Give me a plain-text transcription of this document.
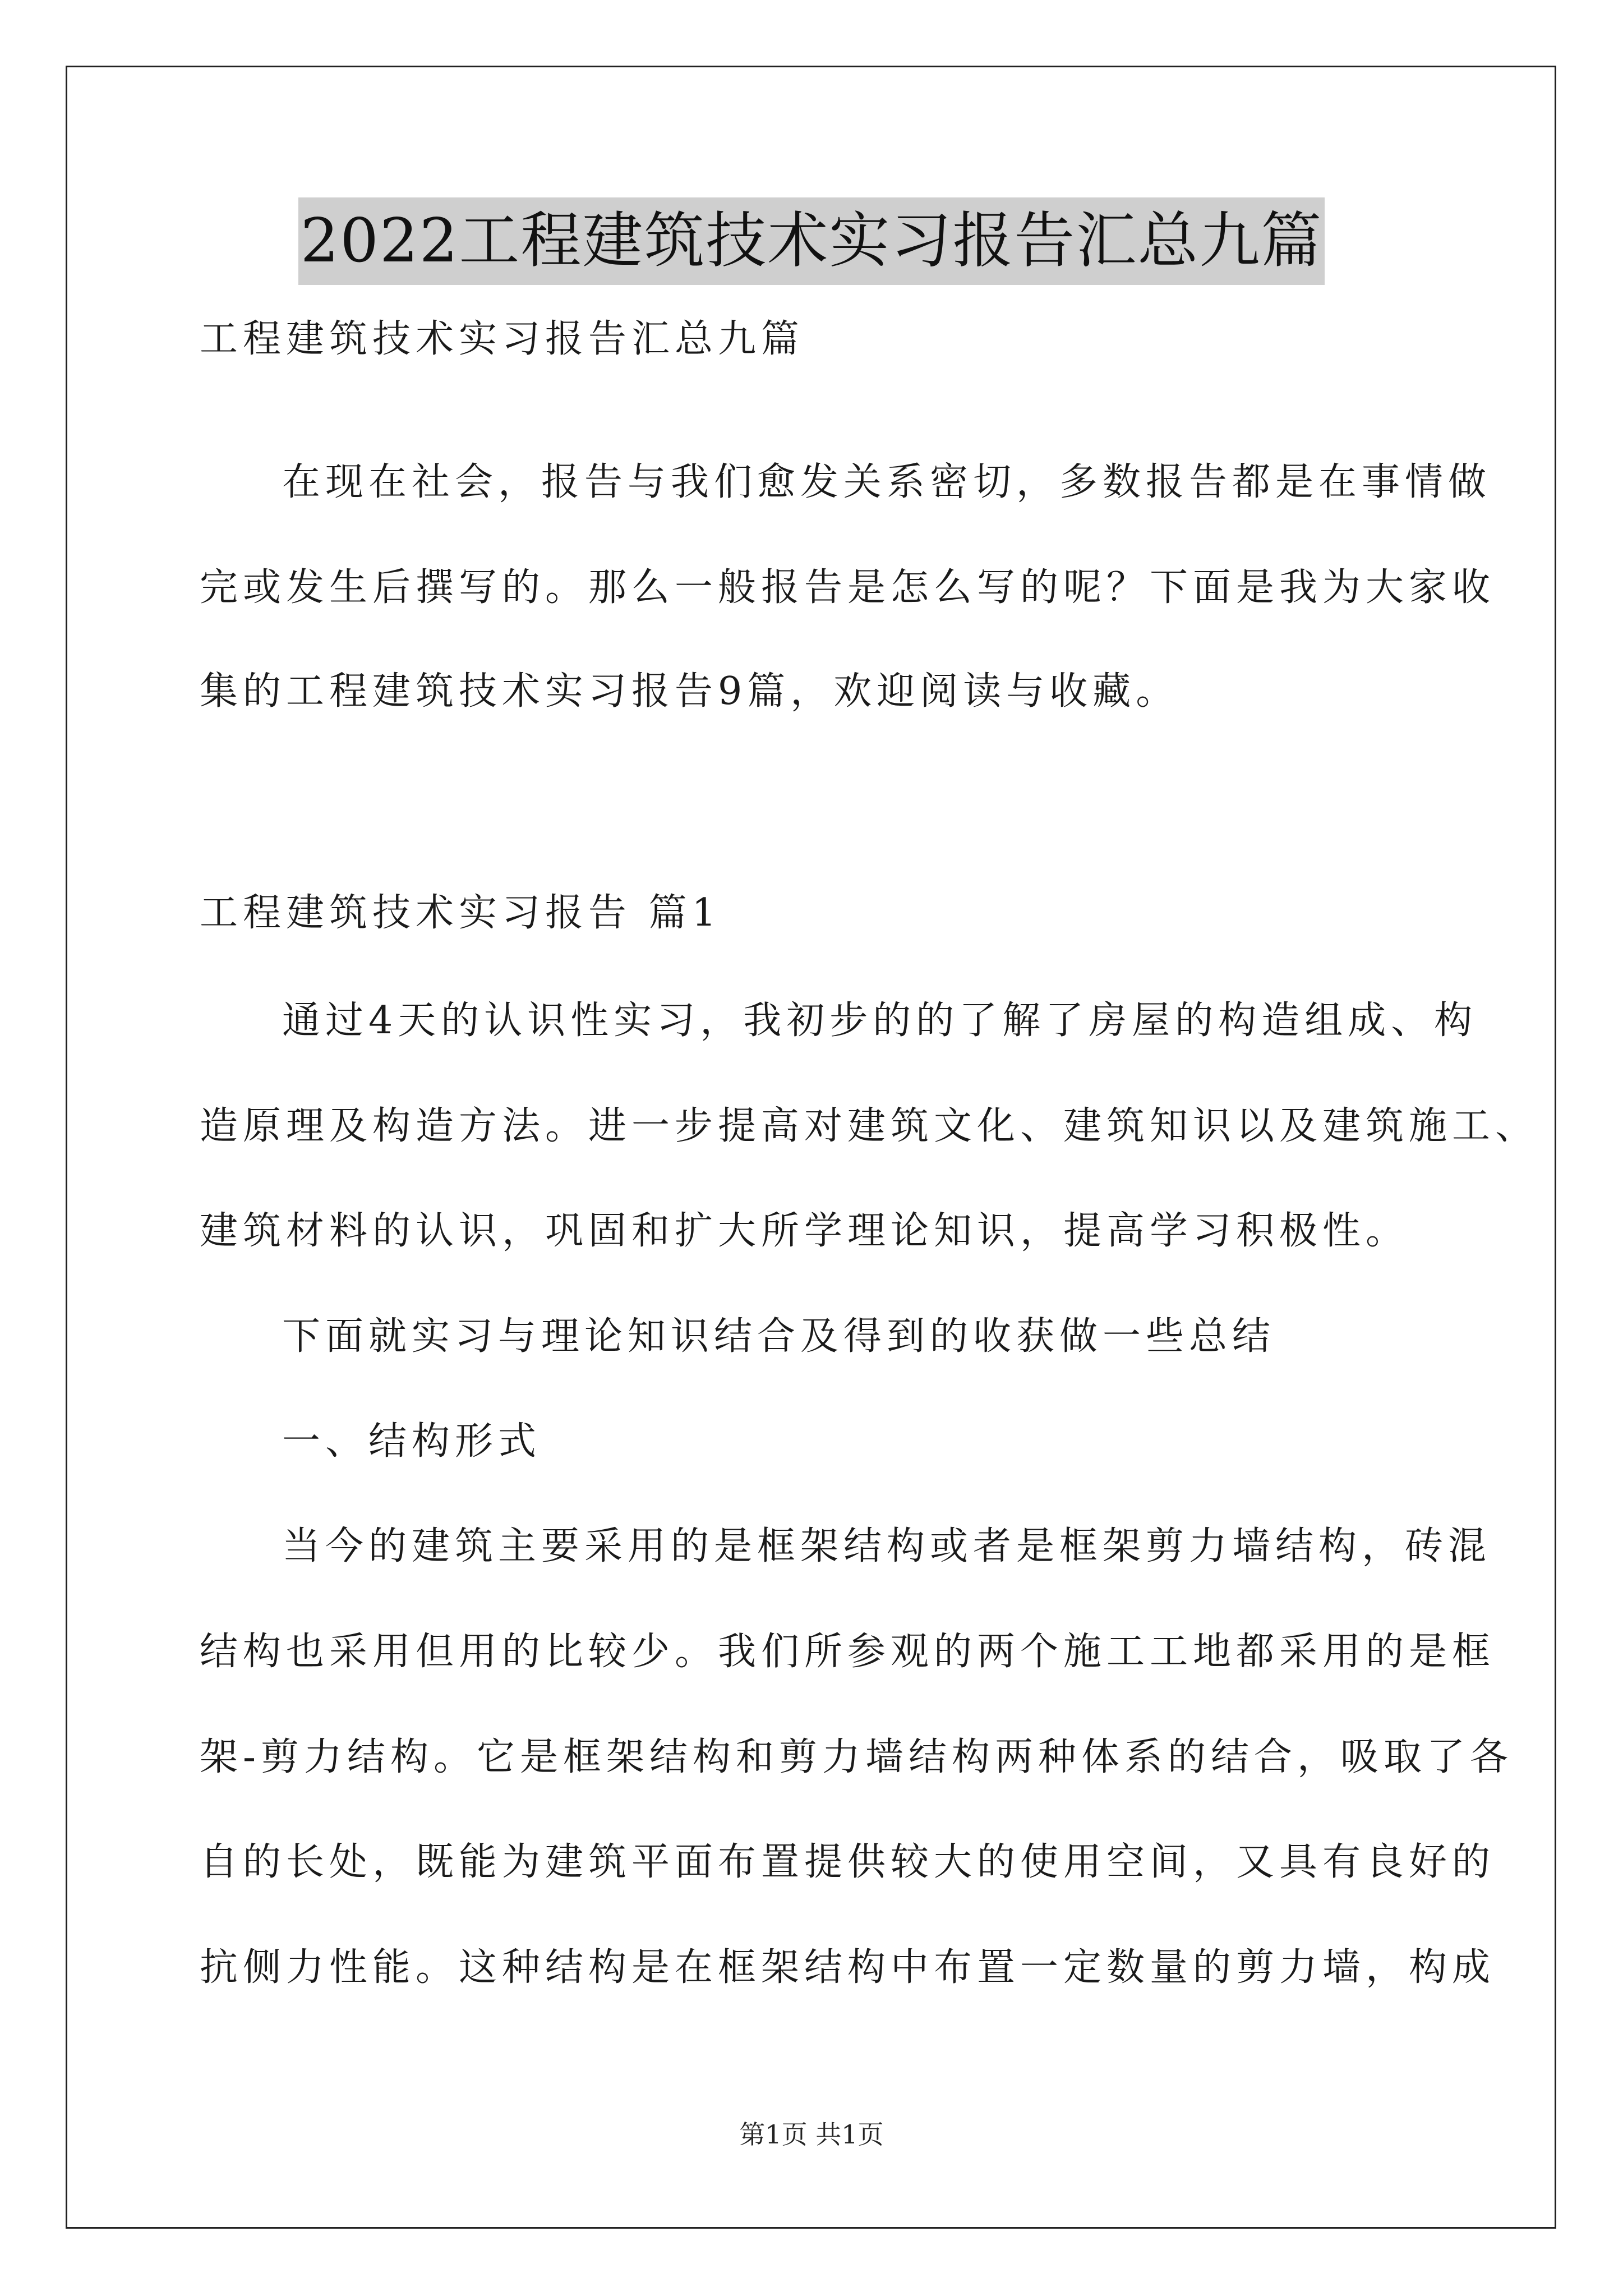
2022工程建筑技术实习报告汇总九篇
工程建筑技术实习报告汇总九篇
在现在社会，报告与我们愈发关系密切，多数报告都是在事情做
完或发生后撰写的。那么一般报告是怎么写的呢？下面是我为大家收
集的工程建筑技术实习报告9篇，欢迎阅读与收藏。
工程建筑技术实习报告 篇1
通过4天的认识性实习，我初步的的了解了房屋的构造组成、构
造原理及构造方法。进一步提高对建筑文化、建筑知识以及建筑施工、
建筑材料的认识，巩固和扩大所学理论知识，提高学习积极性。
下面就实习与理论知识结合及得到的收获做一些总结
一、结构形式
当今的建筑主要采用的是框架结构或者是框架剪力墙结构，砖混
结构也采用但用的比较少。我们所参观的两个施工工地都采用的是框
架-剪力结构。它是框架结构和剪力墙结构两种体系的结合，吸取了各
自的长处，既能为建筑平面布置提供较大的使用空间，又具有良好的
抗侧力性能。这种结构是在框架结构中布置一定数量的剪力墙，构成
第1页 共1页
